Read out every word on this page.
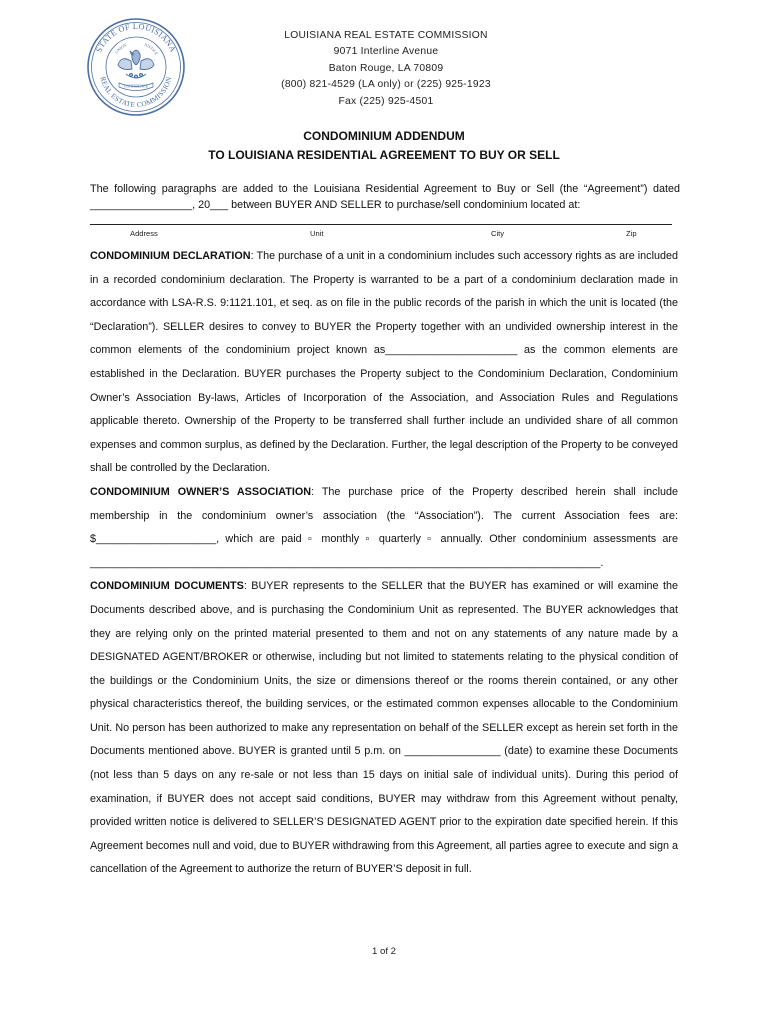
STATE OF LOUISIANA
REAL ESTATE COMMISSION
UNION	JUSTICE
CONFIDENCE
LOUISIANA REAL ESTATE COMMISSION
9071 Interline Avenue
Baton Rouge, LA 70809
(800) 821-4529 (LA only) or (225) 925-1923
Fax (225) 925-4501
CONDOMINIUM ADDENDUM
TO LOUISIANA RESIDENTIAL AGREEMENT TO BUY OR SELL

The following paragraphs are added to the Louisiana Residential Agreement to Buy or Sell (the “Agreement”) dated _________________, 20___ between BUYER AND SELLER to purchase/sell condominium located at:

Address	Unit	City	Zip

CONDOMINIUM DECLARATION: The purchase of a unit in a condominium includes such accessory rights as are included in a recorded condominium declaration. The Property is warranted to be a part of a condominium declaration made in accordance with LSA-R.S. 9:1121.101, et seq. as on file in the public records of the parish in which the unit is located (the “Declaration”). SELLER desires to convey to BUYER the Property together with an undivided ownership interest in the common elements of the condominium project known as______________________ as the common elements are established in the Declaration. BUYER purchases the Property subject to the Condominium Declaration, Condominium Owner’s Association By-laws, Articles of Incorporation of the Association, and Association Rules and Regulations applicable thereto. Ownership of the Property to be transferred shall further include an undivided share of all common expenses and common surplus, as defined by the Declaration. Further, the legal description of the Property to be conveyed shall be controlled by the Declaration.

CONDOMINIUM OWNER’S ASSOCIATION: The purchase price of the Property described herein shall include membership in the condominium owner’s association (the “Association”). The current Association fees are: $____________________, which are paid ▫ monthly ▫ quarterly ▫ annually. Other condominium assessments are _____________________________________________________________________________________.

CONDOMINIUM DOCUMENTS: BUYER represents to the SELLER that the BUYER has examined or will examine the Documents described above, and is purchasing the Condominium Unit as represented. The BUYER acknowledges that they are relying only on the printed material presented to them and not on any statements of any nature made by a DESIGNATED AGENT/BROKER or otherwise, including but not limited to statements relating to the physical condition of the buildings or the Condominium Units, the size or dimensions thereof or the rooms therein contained, or any other physical characteristics thereof, the building services, or the estimated common expenses allocable to the Condominium Unit. No person has been authorized to make any representation on behalf of the SELLER except as herein set forth in the Documents mentioned above. BUYER is granted until 5 p.m. on ________________ (date) to examine these Documents (not less than 5 days on any re-sale or not less than 15 days on initial sale of individual units). During this period of examination, if BUYER does not accept said conditions, BUYER may withdraw from this Agreement without penalty, provided written notice is delivered to SELLER’S DESIGNATED AGENT prior to the expiration date specified herein. If this Agreement becomes null and void, due to BUYER withdrawing from this Agreement, all parties agree to execute and sign a cancellation of the Agreement to authorize the return of BUYER’S deposit in full.

1 of 2
